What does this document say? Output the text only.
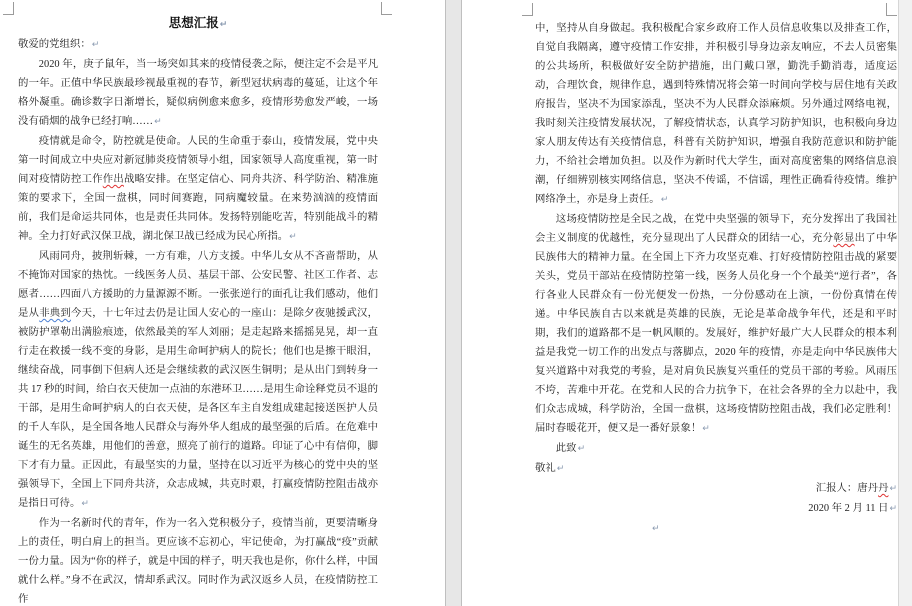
思想汇报↵

敬爱的党组织：↵

2020 年，庚子鼠年，当一场突如其来的疫情侵袭之际，便注定不会是平凡的一年。正值中华民族最珍视最重视的春节，新型冠状病毒的蔓延，让这个年格外凝重。确诊数字日渐增长，疑似病例愈来愈多，疫情形势愈发严峻，一场没有硝烟的战争已经打响……↵

疫情就是命令，防控就是使命。人民的生命重于泰山，疫情发展，党中央第一时间成立中央应对新冠肺炎疫情领导小组，国家领导人高度重视，第一时间对疫情防控工作作出战略安排。在坚定信心、同舟共济、科学防治、精准施策的要求下，全国一盘棋，同时间赛跑，同病魔较量。在来势汹汹的疫情面前，我们是命运共同体，也是责任共同体。发扬特别能吃苦，特别能战斗的精神。全力打好武汉保卫战，湖北保卫战已经成为民心所指。↵

风雨同舟，披荆斩棘，一方有难，八方支援。中华儿女从不吝啬帮助，从不掩饰对国家的热忱。一线医务人员、基层干部、公安民警、社区工作者、志愿者……四面八方援助的力量源源不断。一张张逆行的面孔让我们感动，他们是从非典到今天，十七年过去仍是让国人安心的一座山：是除夕夜驰援武汉，被防护罩勒出满脸痕迹，依然最美的军人刘丽；是走起路来摇摇晃晃，却一直行走在救援一线不变的身影，是用生命呵护病人的院长；他们也是擦干眼泪，继续奋战，同事倒下但病人还是会继续救的武汉医生铜明；是从出门到转身一共 17 秒的时间，给白衣天使加一点油的东港环卫……是用生命诠释党员不退的干部，是用生命呵护病人的白衣天使，是各区车主自发组成建起接送医护人员的千人车队，是全国各地人民群众与海外华人组成的最坚强的后盾。在危难中诞生的无名英雄，用他们的善意，照亮了前行的道路。印证了心中有信仰，脚下才有力量。正因此，有最坚实的力量，坚持在以习近平为核心的党中央的坚强领导下，全国上下同舟共济，众志成城，共克时艰，打赢疫情防控阻击战亦是指日可待。↵

作为一名新时代的青年，作为一名入党积极分子，疫情当前，更要清晰身上的责任，明白肩上的担当。更应该不忘初心，牢记使命，为打赢战“疫”贡献一份力量。因为“你的样子，就是中国的样子，明天我也是你，你什么样，中国就什么样。”身不在武汉，情却系武汉。同时作为武汉返乡人员，在疫情防控工作

中，坚持从自身做起。我积极配合家乡政府工作人员信息收集以及排查工作，自觉自我隔离，遵守疫情工作安排，并积极引导身边亲友响应，不去人员密集的公共场所，积极做好安全防护措施，出门戴口罩，勤洗手勤消毒，适度运动，合理饮食，规律作息，遇到特殊情况将会第一时间向学校与居住地有关政府报告，坚决不为国家添乱，坚决不为人民群众添麻烦。另外通过网络电视，我时刻关注疫情发展状况，了解疫情状态，认真学习防护知识，也积极向身边家人朋友传达有关疫情信息，科普有关防护知识，增强自我防范意识和防护能力，不给社会增加负担。以及作为新时代大学生，面对高度密集的网络信息浪潮，仔细辨别核实网络信息，坚决不传谣，不信谣，理性正确看待疫情。维护网络净土，亦是身上责任。↵

这场疫情防控是全民之战，在党中央坚强的领导下，充分发挥出了我国社会主义制度的优越性，充分显现出了人民群众的团结一心，充分彰显出了中华民族伟大的精神力量。在全国上下齐力攻坚克难、打好疫情防控阻击战的紧要关头，党员干部站在疫情防控第一线，医务人员化身一个个最美“逆行者”，各行各业人民群众有一份光便发一份热，一分份感动在上演，一份份真情在传递。中华民族自古以来就是英雄的民族，无论是革命战争年代，还是和平时期，我们的道路都不是一帆风顺的。发展好，维护好最广大人民群众的根本利益是我党一切工作的出发点与落脚点，2020 年的疫情，亦是走向中华民族伟大复兴道路中对我党的考验，是对肩负民族复兴重任的党员干部的考验。风雨压不垮，苦难中开花。在党和人民的合力抗争下，在社会各界的全力以赴中，我们众志成城，科学防治，全国一盘棋，这场疫情防控阻击战，我们必定胜利！届时春暖花开，便又是一番好景象！↵

此致↵

敬礼↵

汇报人：唐丹丹↵

2020 年 2 月 11 日↵

↵
